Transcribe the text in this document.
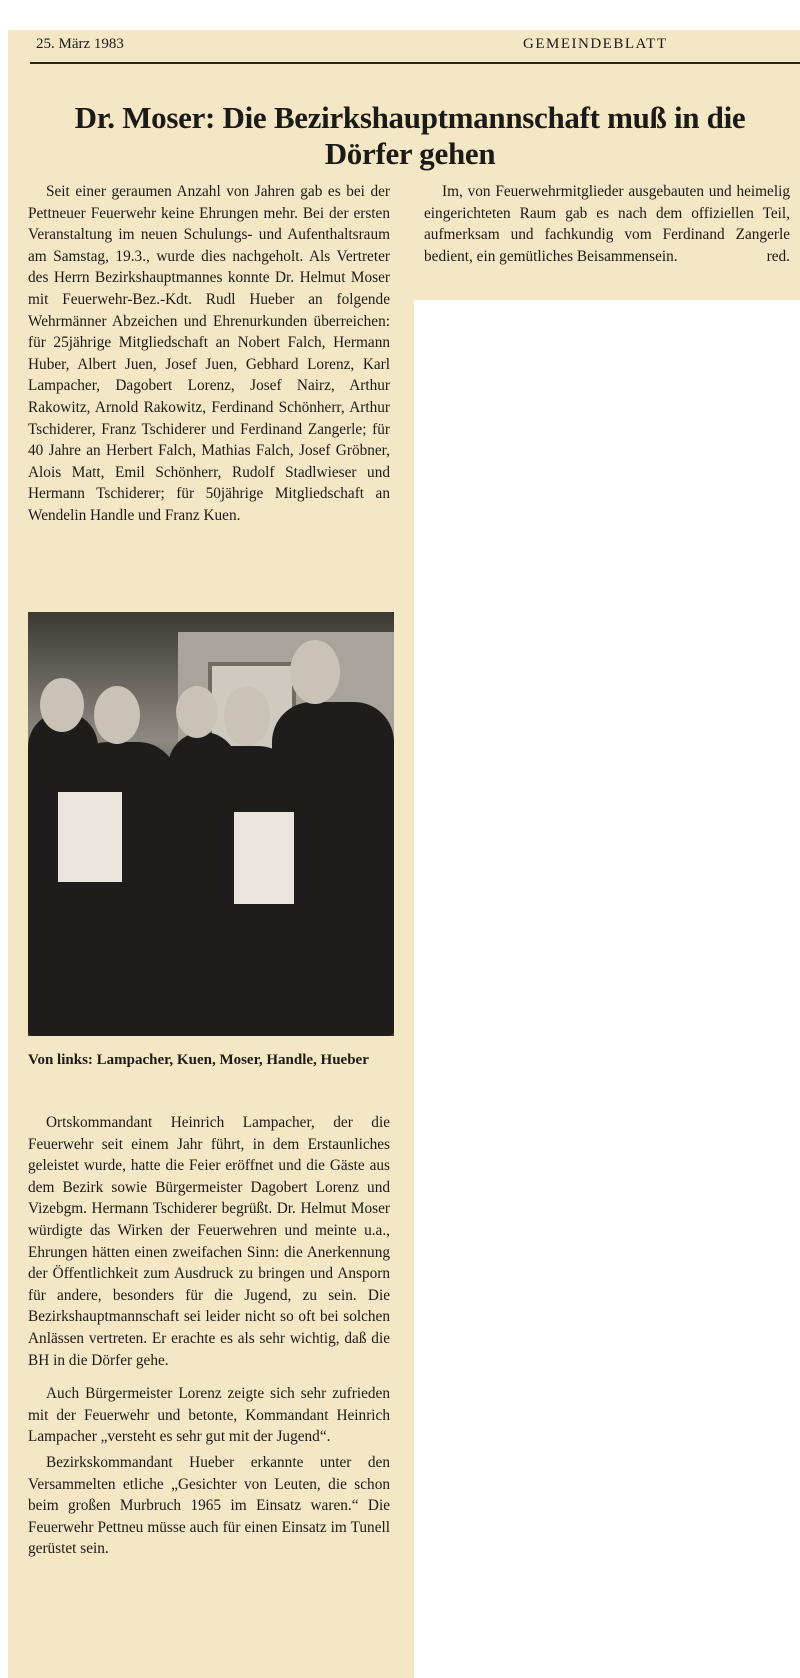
25. März 1983	GEMEINDEBLATT
Dr. Moser: Die Bezirkshauptmannschaft muß in die Dörfer gehen

Seit einer geraumen Anzahl von Jahren gab es bei der Pettneuer Feuerwehr keine Ehrungen mehr. Bei der ersten Veranstaltung im neuen Schulungs- und Aufenthaltsraum am Samstag, 19.3., wurde dies nachgeholt. Als Vertreter des Herrn Bezirkshauptmannes konnte Dr. Helmut Moser mit Feuerwehr-Bez.-Kdt. Rudl Hueber an folgende Wehrmänner Abzeichen und Ehrenurkunden überreichen: für 25jährige Mitgliedschaft an Nobert Falch, Hermann Huber, Albert Juen, Josef Juen, Gebhard Lorenz, Karl Lampacher, Dagobert Lorenz, Josef Nairz, Arthur Rakowitz, Arnold Rakowitz, Ferdinand Schönherr, Arthur Tschiderer, Franz Tschiderer und Ferdinand Zangerle; für 40 Jahre an Herbert Falch, Mathias Falch, Josef Gröbner, Alois Matt, Emil Schönherr, Rudolf Stadlwieser und Hermann Tschiderer; für 50jährige Mitgliedschaft an Wendelin Handle und Franz Kuen.

Von links: Lampacher, Kuen, Moser, Handle, Hueber

Ortskommandant Heinrich Lampacher, der die Feuerwehr seit einem Jahr führt, in dem Erstaunliches geleistet wurde, hatte die Feier eröffnet und die Gäste aus dem Bezirk sowie Bürgermeister Dagobert Lorenz und Vizebgm. Hermann Tschiderer begrüßt. Dr. Helmut Moser würdigte das Wirken der Feuerwehren und meinte u.a., Ehrungen hätten einen zweifachen Sinn: die Anerkennung der Öffentlichkeit zum Ausdruck zu bringen und Ansporn für andere, besonders für die Jugend, zu sein. Die Bezirkshauptmannschaft sei leider nicht so oft bei solchen Anlässen vertreten. Er erachte es als sehr wichtig, daß die BH in die Dörfer gehe.

Auch Bürgermeister Lorenz zeigte sich sehr zufrieden mit der Feuerwehr und betonte, Kommandant Heinrich Lampacher „versteht es sehr gut mit der Jugend“.

Bezirkskommandant Hueber erkannte unter den Versammelten etliche „Gesichter von Leuten, die schon beim großen Murbruch 1965 im Einsatz waren.“ Die Feuerwehr Pettneu müsse auch für einen Einsatz im Tunell gerüstet sein.

Im, von Feuerwehrmitglieder ausgebauten und heimelig eingerichteten Raum gab es nach dem offiziellen Teil, aufmerksam und fachkundig vom Ferdinand Zangerle bedient, ein gemütliches Beisammensein.	red.
